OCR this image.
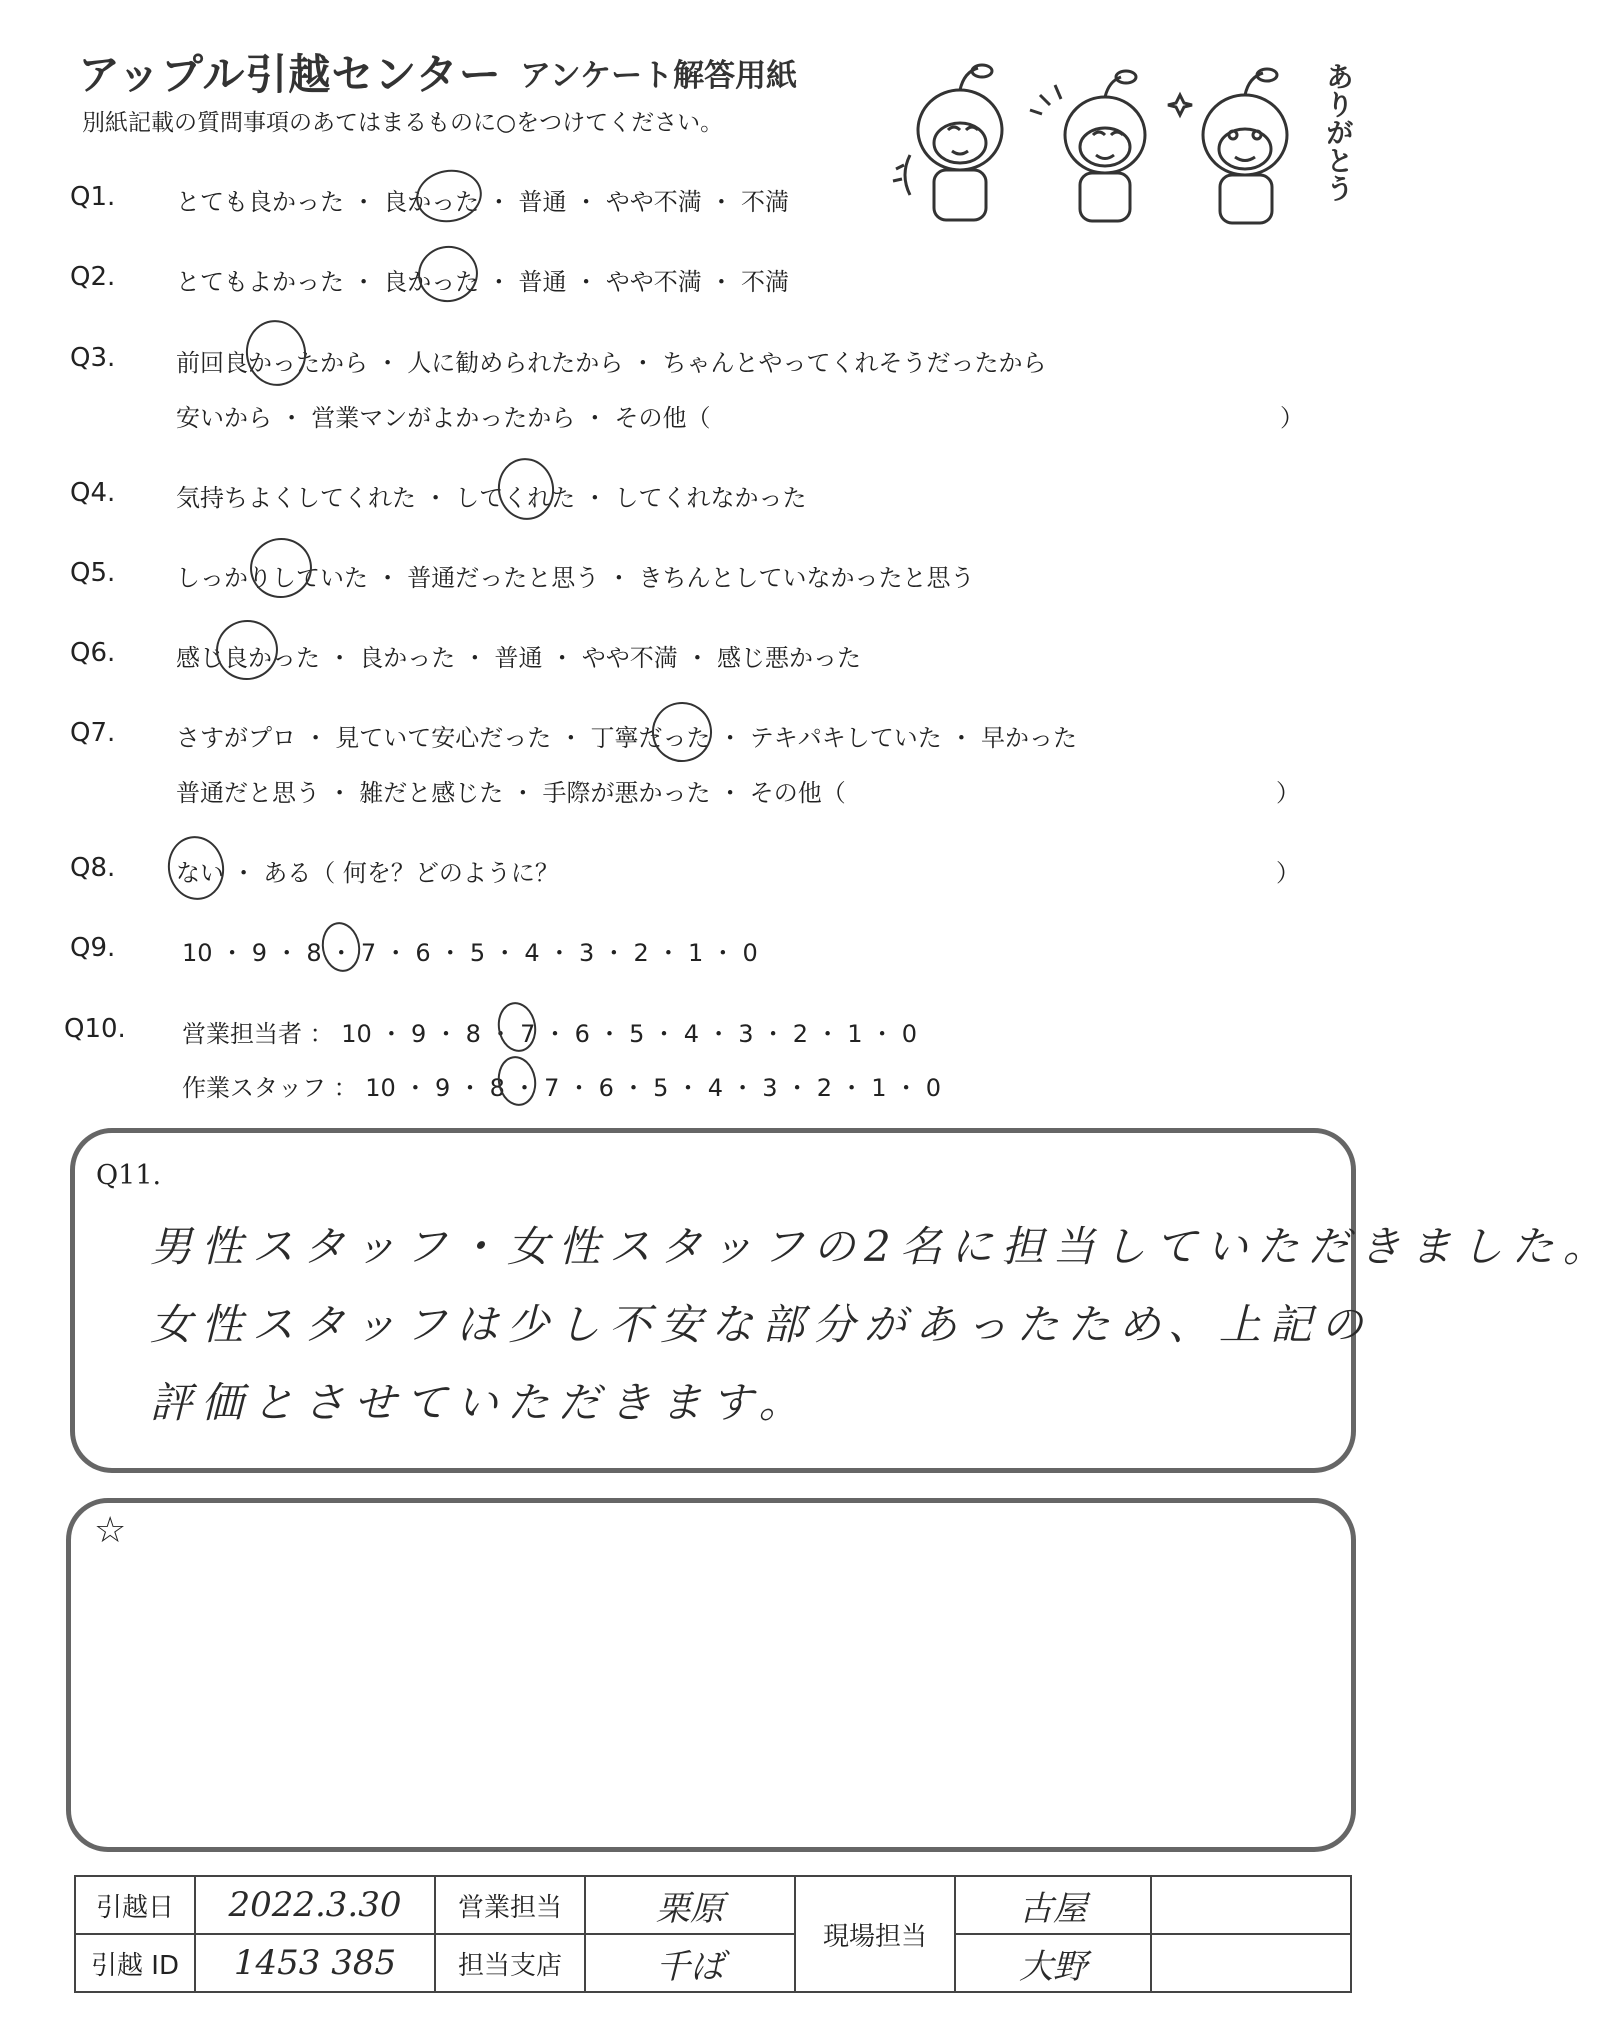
アップル引越センター アンケート解答用紙
別紙記載の質問事項のあてはまるものに○をつけてください。	ありがとう
Q1.	とても良かった ・ 良かった ・ 普通 ・ やや不満 ・ 不満
Q2.	とてもよかった ・ 良かった ・ 普通 ・ やや不満 ・ 不満
Q3.	前回良かったから ・ 人に勧められたから ・ ちゃんとやってくれそうだったから
安いから ・ 営業マンがよかったから ・ その他（	）
Q4.	気持ちよくしてくれた ・ してくれた ・ してくれなかった
Q5.	しっかりしていた ・ 普通だったと思う ・ きちんとしていなかったと思う
Q6.	感じ良かった ・ 良かった ・ 普通 ・ やや不満 ・ 感じ悪かった
Q7.	さすがプロ ・ 見ていて安心だった ・ 丁寧だった ・ テキパキしていた ・ 早かった
普通だと思う ・ 雑だと感じた ・ 手際が悪かった ・ その他（	）
Q8.	ない ・ ある（ 何を？どのように？	）
Q9.	10 ・ 9 ・ 8 ・ 7 ・ 6 ・ 5 ・ 4 ・ 3 ・ 2 ・ 1 ・ 0
Q10. 営業担当者 ： 10 ・ 9 ・ 8 ・ 7 ・ 6 ・ 5 ・ 4 ・ 3 ・ 2 ・ 1 ・ 0
作業スタッフ ： 10 ・ 9 ・ 8 ・ 7 ・ 6 ・ 5 ・ 4 ・ 3 ・ 2 ・ 1 ・ 0
Q11.
男性スタッフ・女性スタッフの2名に担当していただきました。
女性スタッフは少し不安な部分があったため、上記の
評価とさせていただきます。
☆
引越日	2022.3.30	営業担当	栗原	現場担当	古屋	
引越 ID	1453 385	担当支店	千ば		大野	
